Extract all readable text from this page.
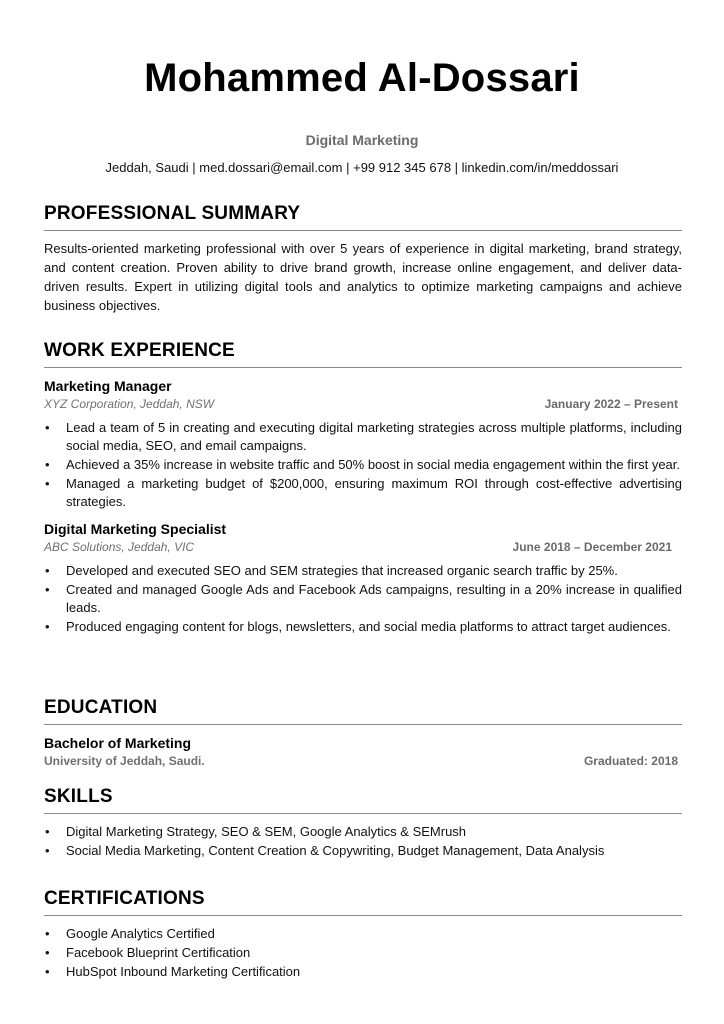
Mohammed Al-Dossari
Digital Marketing
Jeddah, Saudi | med.dossari@email.com | +99 912 345 678 | linkedin.com/in/meddossari
PROFESSIONAL SUMMARY
Results-oriented marketing professional with over 5 years of experience in digital marketing, brand strategy, and content creation. Proven ability to drive brand growth, increase online engagement, and deliver data-driven results. Expert in utilizing digital tools and analytics to optimize marketing campaigns and achieve business objectives.
WORK EXPERIENCE
Marketing Manager
XYZ Corporation, Jeddah, NSW	January 2022 – Present
• Lead a team of 5 in creating and executing digital marketing strategies across multiple platforms, including social media, SEO, and email campaigns.
• Achieved a 35% increase in website traffic and 50% boost in social media engagement within the first year.
• Managed a marketing budget of $200,000, ensuring maximum ROI through cost-effective advertising strategies.
Digital Marketing Specialist
ABC Solutions, Jeddah, VIC	June 2018 – December 2021
• Developed and executed SEO and SEM strategies that increased organic search traffic by 25%.
• Created and managed Google Ads and Facebook Ads campaigns, resulting in a 20% increase in qualified leads.
• Produced engaging content for blogs, newsletters, and social media platforms to attract target audiences.
EDUCATION
Bachelor of Marketing
University of Jeddah, Saudi.	Graduated: 2018
SKILLS
• Digital Marketing Strategy, SEO & SEM, Google Analytics & SEMrush
• Social Media Marketing, Content Creation & Copywriting, Budget Management, Data Analysis
CERTIFICATIONS
• Google Analytics Certified
• Facebook Blueprint Certification
• HubSpot Inbound Marketing Certification
